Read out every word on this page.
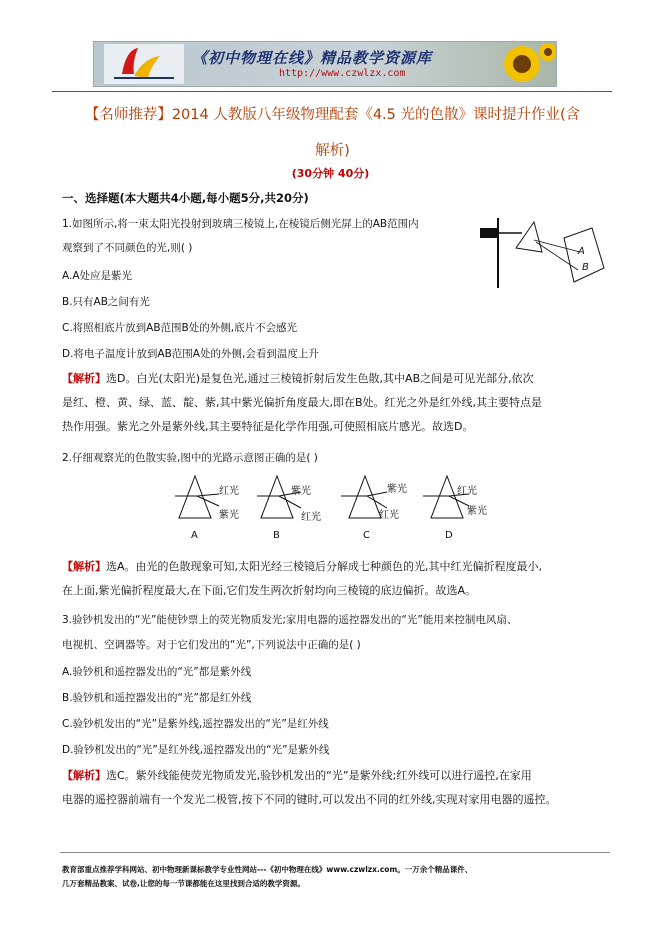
《初中物理在线》精品教学资源库
http://www.czwlzx.com
【名师推荐】2014 人教版八年级物理配套《4.5 光的色散》课时提升作业(含
解析)
(30分钟 40分)
一、选择题(本大题共4小题,每小题5分,共20分)
1.如图所示,将一束太阳光投射到玻璃三棱镜上,在棱镜后侧光屏上的AB范围内
观察到了不同颜色的光,则( )
A.A处应是紫光
B.只有AB之间有光
C.将照相底片放到AB范围B处的外侧,底片不会感光
D.将电子温度计放到AB范围A处的外侧,会看到温度上升
A
B
【解析】选D。白光(太阳光)是复色光,通过三棱镜折射后发生色散,其中AB之间是可见光部分,依次
是红、橙、黄、绿、蓝、靛、紫,其中紫光偏折角度最大,即在B处。红光之外是红外线,其主要特点是
热作用强。紫光之外是紫外线,其主要特征是化学作用强,可使照相底片感光。故选D。
2.仔细观察光的色散实验,图中的光路示意图正确的是( )
红光
紫光
A
紫光
红光
B
紫光
红光
C
红光
紫光
D
【解析】选A。由光的色散现象可知,太阳光经三棱镜后分解成七种颜色的光,其中红光偏折程度最小,
在上面,紫光偏折程度最大,在下面,它们发生两次折射均向三棱镜的底边偏折。故选A。
3.验钞机发出的“光”能使钞票上的荧光物质发光;家用电器的遥控器发出的“光”能用来控制电风扇、
电视机、空调器等。对于它们发出的“光”,下列说法中正确的是( )
A.验钞机和遥控器发出的“光”都是紫外线
B.验钞机和遥控器发出的“光”都是红外线
C.验钞机发出的“光”是紫外线,遥控器发出的“光”是红外线
D.验钞机发出的“光”是红外线,遥控器发出的“光”是紫外线
【解析】选C。紫外线能使荧光物质发光,验钞机发出的“光”是紫外线;红外线可以进行遥控,在家用
电器的遥控器前端有一个发光二极管,按下不同的键时,可以发出不同的红外线,实现对家用电器的遥控。
教育部重点推荐学科网站、初中物理新课标教学专业性网站---《初中物理在线》www.czwlzx.com。一万余个精品课件、
几万套精品教案、试卷,让您的每一节课都能在这里找到合适的教学资源。
